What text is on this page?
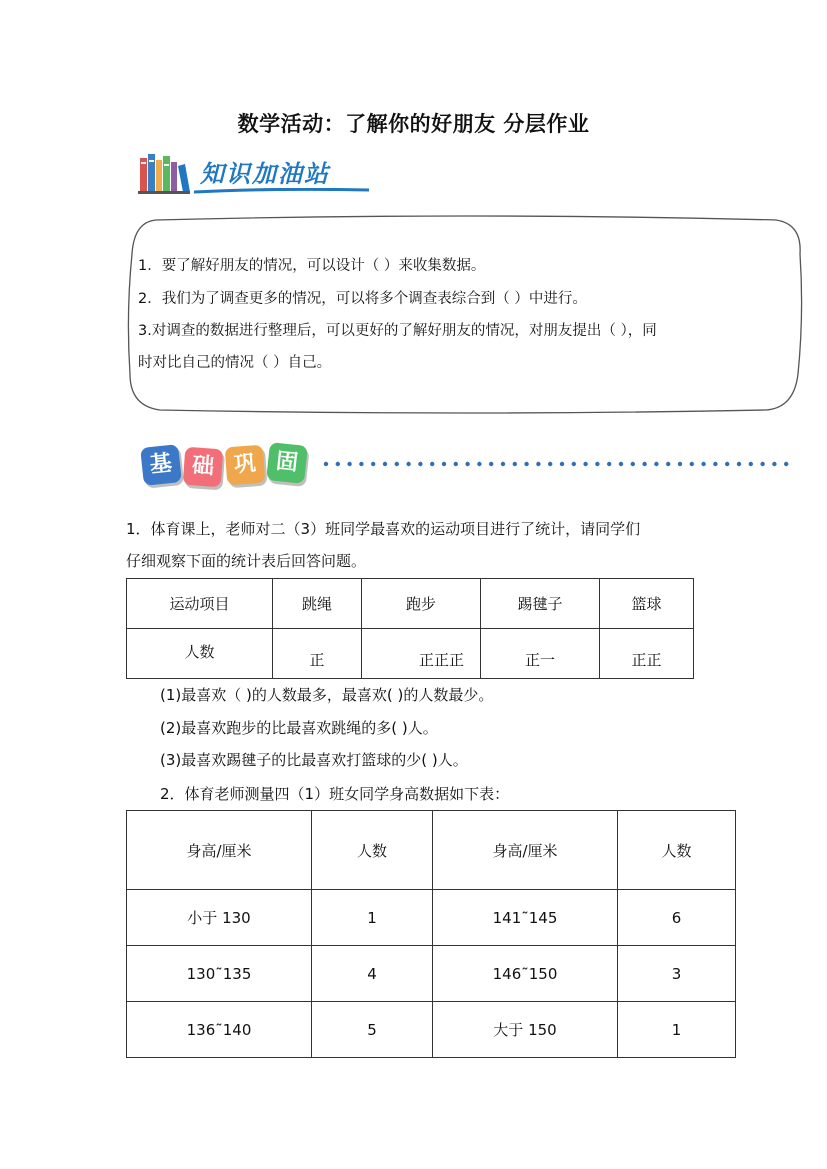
数学活动：了解你的好朋友 分层作业
知识加油站
1．要了解好朋友的情况，可以设计（ ）来收集数据。
2．我们为了调查更多的情况，可以将多个调查表综合到（ ）中进行。
3.对调查的数据进行整理后，可以更好的了解好朋友的情况，对朋友提出（ ），同
时对比自己的情况（ ）自己。
基 础 巩 固
1．体育课上，老师对二（3）班同学最喜欢的运动项目进行了统计，请同学们
仔细观察下面的统计表后回答问题。
运动项目	跳绳	跑步	踢毽子	篮球
人数	正	正正正	正一	正正
(1)最喜欢（ )的人数最多，最喜欢( )的人数最少。
(2)最喜欢跑步的比最喜欢跳绳的多( )人。
(3)最喜欢踢毽子的比最喜欢打篮球的少( )人。
2．体育老师测量四（1）班女同学身高数据如下表：
身高/厘米	人数	身高/厘米	人数
小于 130	1	141˜145	6
130˜135	4	146˜150	3
136˜140	5	大于 150	1
